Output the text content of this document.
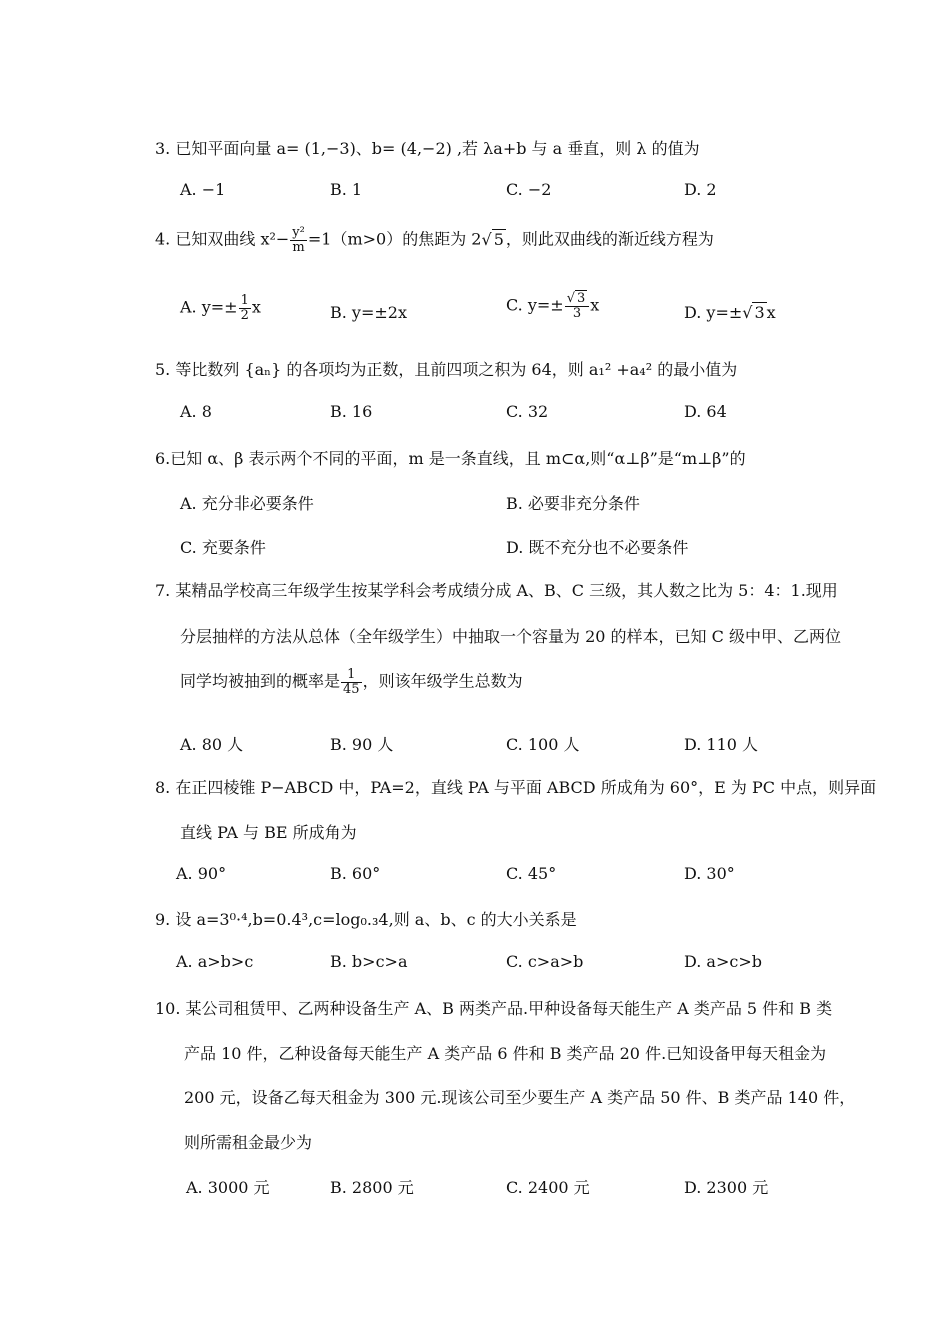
3. 已知平面向量 a= (1,−3)、b= (4,−2) ,若 λa+b 与 a 垂直，则 λ 的值为
A. −1	B. 1	C. −2	D. 2
4. 已知双曲线 $x^2- \frac{\text{y²}}{m} =1(m>0)$的焦距为 2√ 5 ，则此双曲线的渐近线方程为
A. $y=\pm \frac{1}{2}$ x	B. y=±2x	C. $y=\pm \frac{√ 3}{3}$ x	D. y=±√ 3 x
5. 等比数列 {aₙ} 的各项均为正数，且前四项之积为 64，则 a₁² +a₄² 的最小值为
A. 8	B. 16	C. 32	D. 64
6.已知 α、β 表示两个不同的平面，m 是一条直线，且 m⊂α,则“α⊥β”是“m⊥β”的
A. 充分非必要条件	B. 必要非充分条件
C. 充要条件	D. 既不充分也不必要条件
7. 某精品学校高三年级学生按某学科会考成绩分成 A、B、C 三级，其人数之比为 5：4：1.现用
分层抽样的方法从总体（全年级学生）中抽取一个容量为 20 的样本，已知 C 级中甲、乙两位
同学均被抽到的概率是 $\frac{1}{45}$ ，则该年级学生总数为
A. 80 人	B. 90 人	C. 100 人	D. 110 人
8. 在正四棱锥 P−ABCD 中，PA=2，直线 PA 与平面 ABCD 所成角为 60°，E 为 PC 中点，则异面
直线 PA 与 BE 所成角为
A. 90°	B. 60°	C. 45°	D. 30°
9. 设 a=3⁰·⁴,b=0.4³,c=log₀.₃4,则 a、b、c 的大小关系是
A. a>b>c	B. b>c>a	C. c>a>b	D. a>c>b
10. 某公司租赁甲、乙两种设备生产 A、B 两类产品.甲种设备每天能生产 A 类产品 5 件和 B 类
产品 10 件，乙种设备每天能生产 A 类产品 6 件和 B 类产品 20 件.已知设备甲每天租金为
200 元，设备乙每天租金为 300 元.现该公司至少要生产 A 类产品 50 件、B 类产品 140 件，
则所需租金最少为
A. 3000 元	B. 2800 元	C. 2400 元	D. 2300 元
